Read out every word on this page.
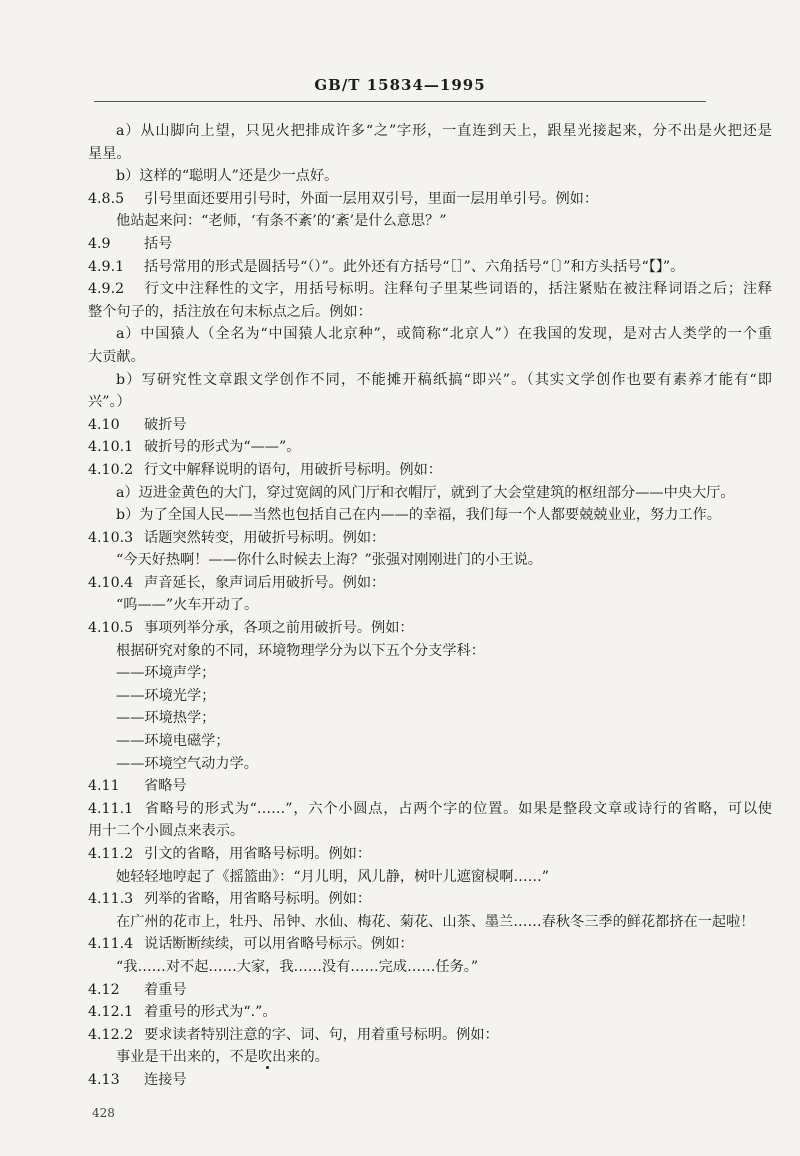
GB/T 15834—1995
a）从山脚向上望，只见火把排成许多“之”字形，一直连到天上，跟星光接起来，分不出是火把还是
星星。
b）这样的“聪明人”还是少一点好。
4.8.5 引号里面还要用引号时，外面一层用双引号，里面一层用单引号。例如：
他站起来问：“老师，‘有条不紊’的‘紊’是什么意思？”
4.9 括号
4.9.1 括号常用的形式是圆括号“（）”。此外还有方括号“［］”、六角括号“〔〕”和方头括号“【】”。
4.9.2 行文中注释性的文字，用括号标明。注释句子里某些词语的，括注紧贴在被注释词语之后；注释
整个句子的，括注放在句末标点之后。例如：
a）中国猿人（全名为“中国猿人北京种”，或简称“北京人”）在我国的发现，是对古人类学的一个重
大贡献。
b）写研究性文章跟文学创作不同，不能摊开稿纸搞“即兴”。（其实文学创作也要有素养才能有“即
兴”。）
4.10 破折号
4.10.1 破折号的形式为“——”。
4.10.2 行文中解释说明的语句，用破折号标明。例如：
a）迈进金黄色的大门，穿过宽阔的风门厅和衣帽厅，就到了大会堂建筑的枢纽部分——中央大厅。
b）为了全国人民——当然也包括自己在内——的幸福，我们每一个人都要兢兢业业，努力工作。
4.10.3 话题突然转变，用破折号标明。例如：
“今天好热啊！——你什么时候去上海？”张强对刚刚进门的小王说。
4.10.4 声音延长，象声词后用破折号。例如：
“呜——”火车开动了。
4.10.5 事项列举分承，各项之前用破折号。例如：
根据研究对象的不同，环境物理学分为以下五个分支学科：
——环境声学；
——环境光学；
——环境热学；
——环境电磁学；
——环境空气动力学。
4.11 省略号
4.11.1 省略号的形式为“……”，六个小圆点，占两个字的位置。如果是整段文章或诗行的省略，可以使
用十二个小圆点来表示。
4.11.2 引文的省略，用省略号标明。例如：
她轻轻地哼起了《摇篮曲》：“月儿明，风儿静，树叶儿遮窗棂啊……”
4.11.3 列举的省略，用省略号标明。例如：
在广州的花市上，牡丹、吊钟、水仙、梅花、菊花、山茶、墨兰……春秋冬三季的鲜花都挤在一起啦！
4.11.4 说话断断续续，可以用省略号标示。例如：
“我……对不起……大家，我……没有……完成……任务。”
4.12 着重号
4.12.1 着重号的形式为“.”。
4.12.2 要求读者特别注意的字、词、句，用着重号标明。例如：
事业是干出来的，不是吹出来的。
4.13 连接号
428
